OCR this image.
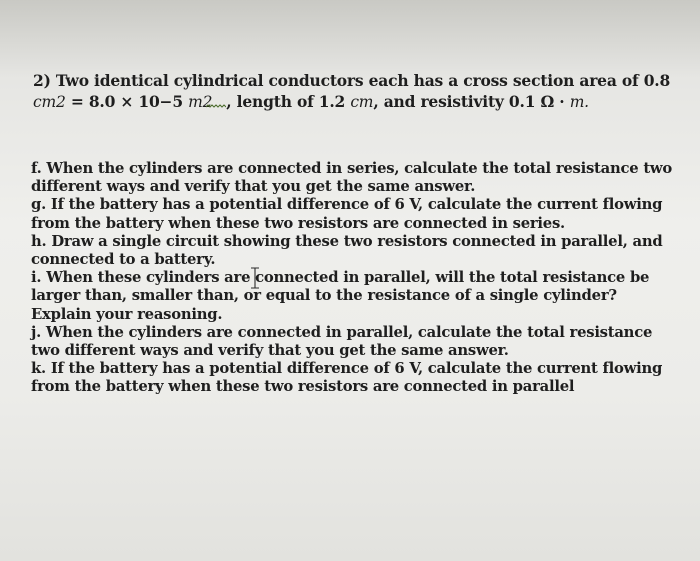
2) Two identical cylindrical conductors each has a cross section area of 0.8
cm2 = 8.0 × 10−5 m2 , length of 1.2 cm, and resistivity 0.1 Ω · m.
f. When the cylinders are connected in series, calculate the total resistance two
different ways and verify that you get the same answer.
g. If the battery has a potential difference of 6 V, calculate the current flowing
from the battery when these two resistors are connected in series.
h. Draw a single circuit showing these two resistors connected in parallel, and
connected to a battery.
i. When these cylinders are connected in parallel, will the total resistance be
larger than, smaller than, or equal to the resistance of a single cylinder?
Explain your reasoning.
j. When the cylinders are connected in parallel, calculate the total resistance
two different ways and verify that you get the same answer.
k. If the battery has a potential difference of 6 V, calculate the current flowing
from the battery when these two resistors are connected in parallel
